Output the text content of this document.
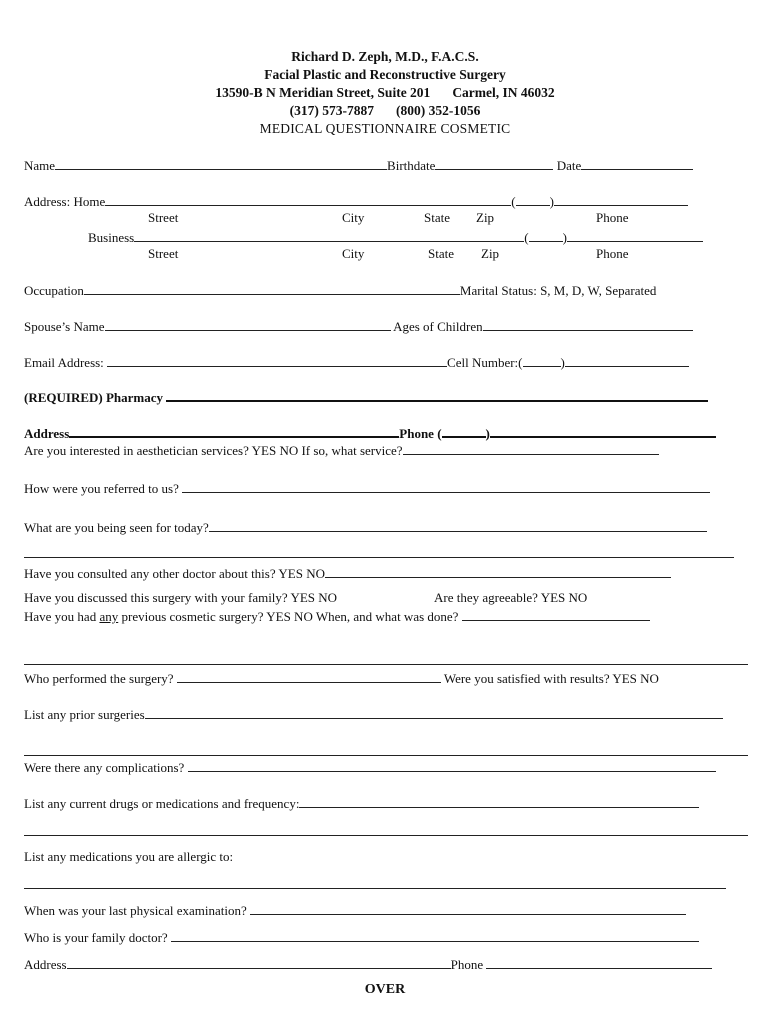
Richard D. Zeph, M.D., F.A.C.S.
Facial Plastic and Reconstructive Surgery
13590-B N Meridian Street, Suite 201 Carmel, IN 46032
(317) 573-7887 (800) 352-1056
MEDICAL QUESTIONNAIRE COSMETIC
Name	Birthdate	Date
Address: Home	(	)
Street	City	State Zip	Phone
Business	(	)
Street	City	State Zip	Phone
Occupation	Marital Status: S, M, D, W, Separated
Spouse’s Name	Ages of Children
Email Address:	Cell Number:(	)
(REQUIRED) Pharmacy
Address	Phone (	)
Are you interested in aesthetician services? YES NO If so, what service?
How were you referred to us?
What are you being seen for today?
Have you consulted any other doctor about this? YES NO
Have you discussed this surgery with your family? YES NO	Are they agreeable? YES NO
Have you had any previous cosmetic surgery? YES NO When, and what was done?
Who performed the surgery?	Were you satisfied with results? YES NO
List any prior surgeries
Were there any complications?
List any current drugs or medications and frequency:
List any medications you are allergic to:
When was your last physical examination?
Who is your family doctor?
Address	Phone
OVER
